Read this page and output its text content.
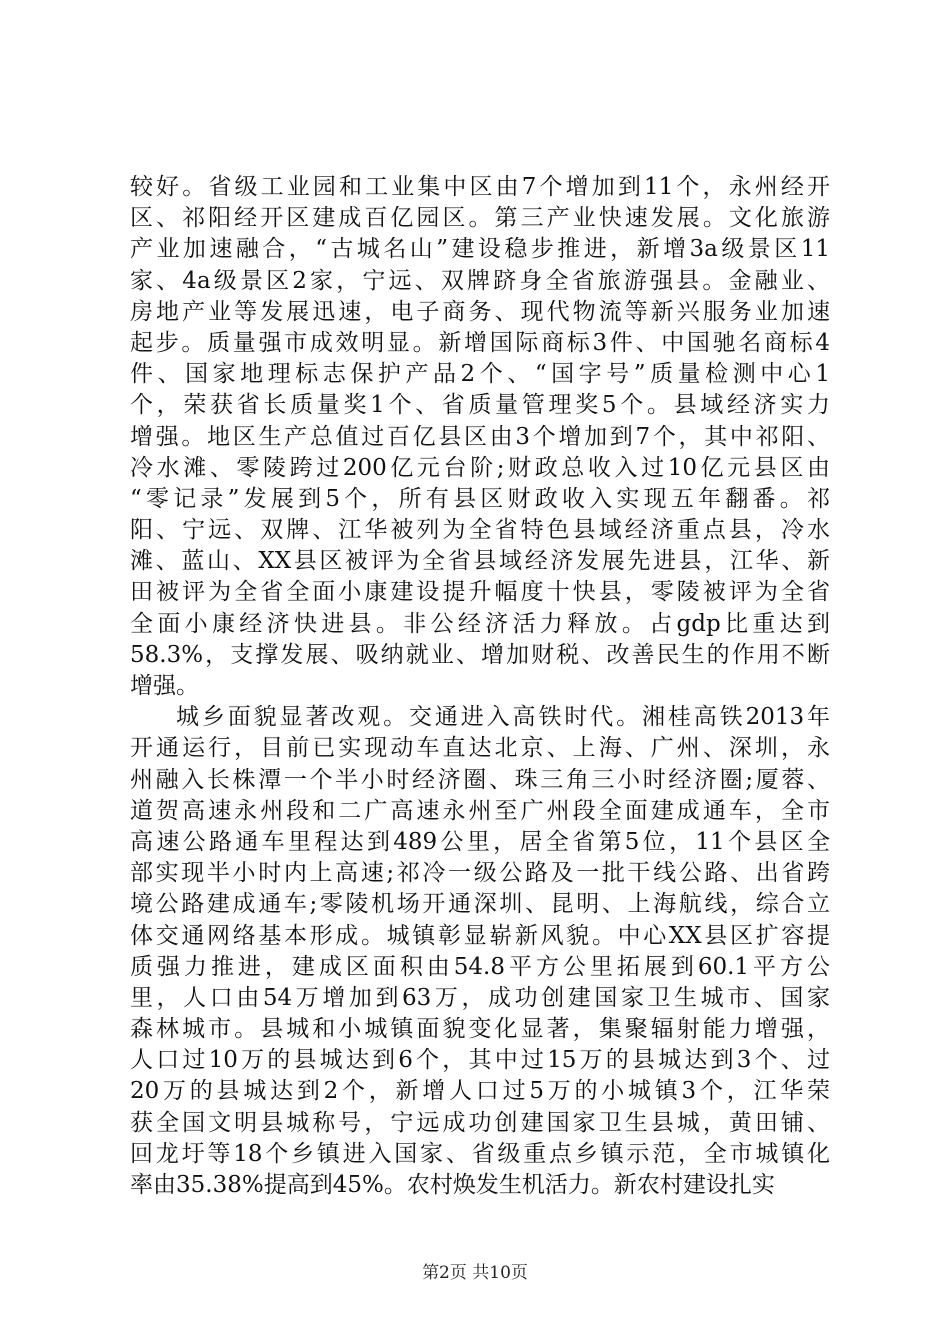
较好。省级工业园和工业集中区由7个增加到11个，永州经开
区、祁阳经开区建成百亿园区。第三产业快速发展。文化旅游
产业加速融合，“古城名山”建设稳步推进，新增3a级景区11
家、4a级景区2家，宁远、双牌跻身全省旅游强县。金融业、
房地产业等发展迅速，电子商务、现代物流等新兴服务业加速
起步。质量强市成效明显。新增国际商标3件、中国驰名商标4
件、国家地理标志保护产品2个、“国字号”质量检测中心1
个，荣获省长质量奖1个、省质量管理奖5个。县域经济实力
增强。地区生产总值过百亿县区由3个增加到7个，其中祁阳、
冷水滩、零陵跨过200亿元台阶;财政总收入过10亿元县区由
“零记录”发展到5个，所有县区财政收入实现五年翻番。祁
阳、宁远、双牌、江华被列为全省特色县域经济重点县，冷水
滩、蓝山、XX县区被评为全省县域经济发展先进县，江华、新
田被评为全省全面小康建设提升幅度十快县，零陵被评为全省
全面小康经济快进县。非公经济活力释放。占gdp比重达到
58.3%，支撑发展、吸纳就业、增加财税、改善民生的作用不断
增强。
城乡面貌显著改观。交通进入高铁时代。湘桂高铁2013年
开通运行，目前已实现动车直达北京、上海、广州、深圳，永
州融入长株潭一个半小时经济圈、珠三角三小时经济圈;厦蓉、
道贺高速永州段和二广高速永州至广州段全面建成通车，全市
高速公路通车里程达到489公里，居全省第5位，11个县区全
部实现半小时内上高速;祁冷一级公路及一批干线公路、出省跨
境公路建成通车;零陵机场开通深圳、昆明、上海航线，综合立
体交通网络基本形成。城镇彰显崭新风貌。中心XX县区扩容提
质强力推进，建成区面积由54.8平方公里拓展到60.1平方公
里，人口由54万增加到63万，成功创建国家卫生城市、国家
森林城市。县城和小城镇面貌变化显著，集聚辐射能力增强，
人口过10万的县城达到6个，其中过15万的县城达到3个、过
20万的县城达到2个，新增人口过5万的小城镇3个，江华荣
获全国文明县城称号，宁远成功创建国家卫生县城，黄田铺、
回龙圩等18个乡镇进入国家、省级重点乡镇示范，全市城镇化
率由35.38%提高到45%。农村焕发生机活力。新农村建设扎实
第2页 共10页
